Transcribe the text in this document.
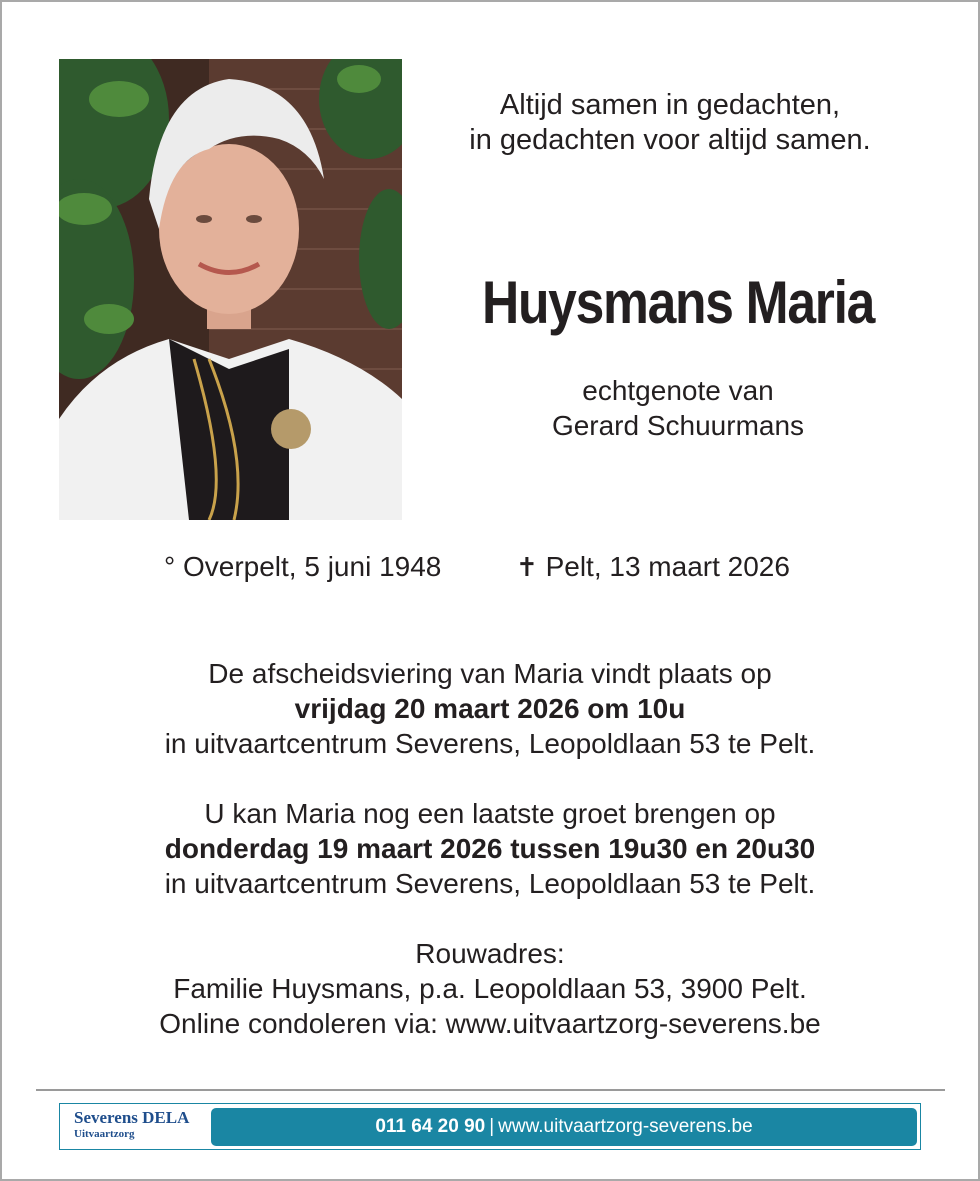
Altijd samen in gedachten,
in gedachten voor altijd samen.
Huysmans Maria
echtgenote van
Gerard Schuurmans
° Overpelt, 5 juni 1948	✝ Pelt, 13 maart 2026

De afscheidsviering van Maria vindt plaats op

vrijdag 20 maart 2026 om 10u

in uitvaartcentrum Severens, Leopoldlaan 53 te Pelt.

U kan Maria nog een laatste groet brengen op

donderdag 19 maart 2026 tussen 19u30 en 20u30

in uitvaartcentrum Severens, Leopoldlaan 53 te Pelt.

Rouwadres:

Familie Huysmans, p.a. Leopoldlaan 53, 3900 Pelt.

Online condoleren via: www.uitvaartzorg-severens.be

Severens DELA
Uitvaartzorg	011 64 20 90 | www.uitvaartzorg-severens.be
